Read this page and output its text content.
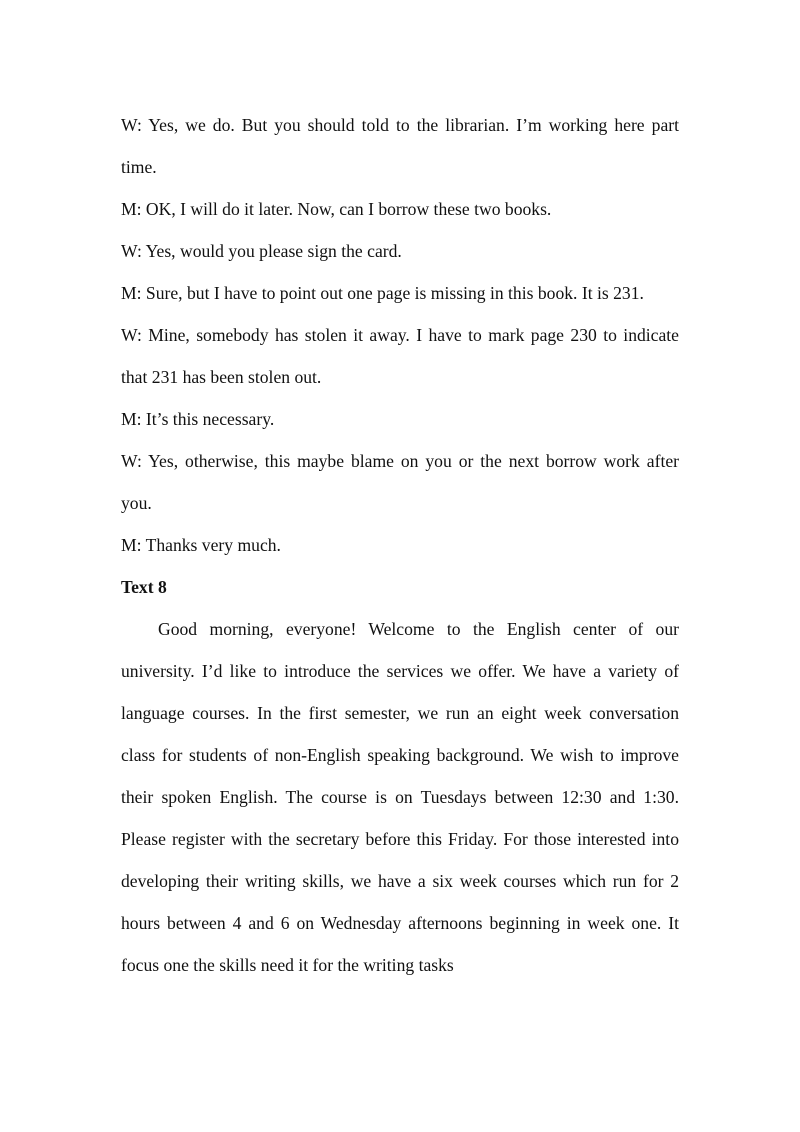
W: Yes, we do. But you should told to the librarian. I’m working here part time.

M: OK, I will do it later. Now, can I borrow these two books.

W: Yes, would you please sign the card.

M: Sure, but I have to point out one page is missing in this book. It is 231.

W: Mine, somebody has stolen it away. I have to mark page 230 to indicate that 231 has been stolen out.

M: It’s this necessary.

W: Yes, otherwise, this maybe blame on you or the next borrow work after you.

M: Thanks very much.

Text 8

Good morning, everyone! Welcome to the English center of our university. I’d like to introduce the services we offer. We have a variety of language courses. In the first semester, we run an eight week conversation class for students of non-English speaking background. We wish to improve their spoken English. The course is on Tuesdays between 12:30 and 1:30. Please register with the secretary before this Friday. For those interested into developing their writing skills, we have a six week courses which run for 2 hours between 4 and 6 on Wednesday afternoons beginning in week one. It focus one the skills need it for the writing tasks
